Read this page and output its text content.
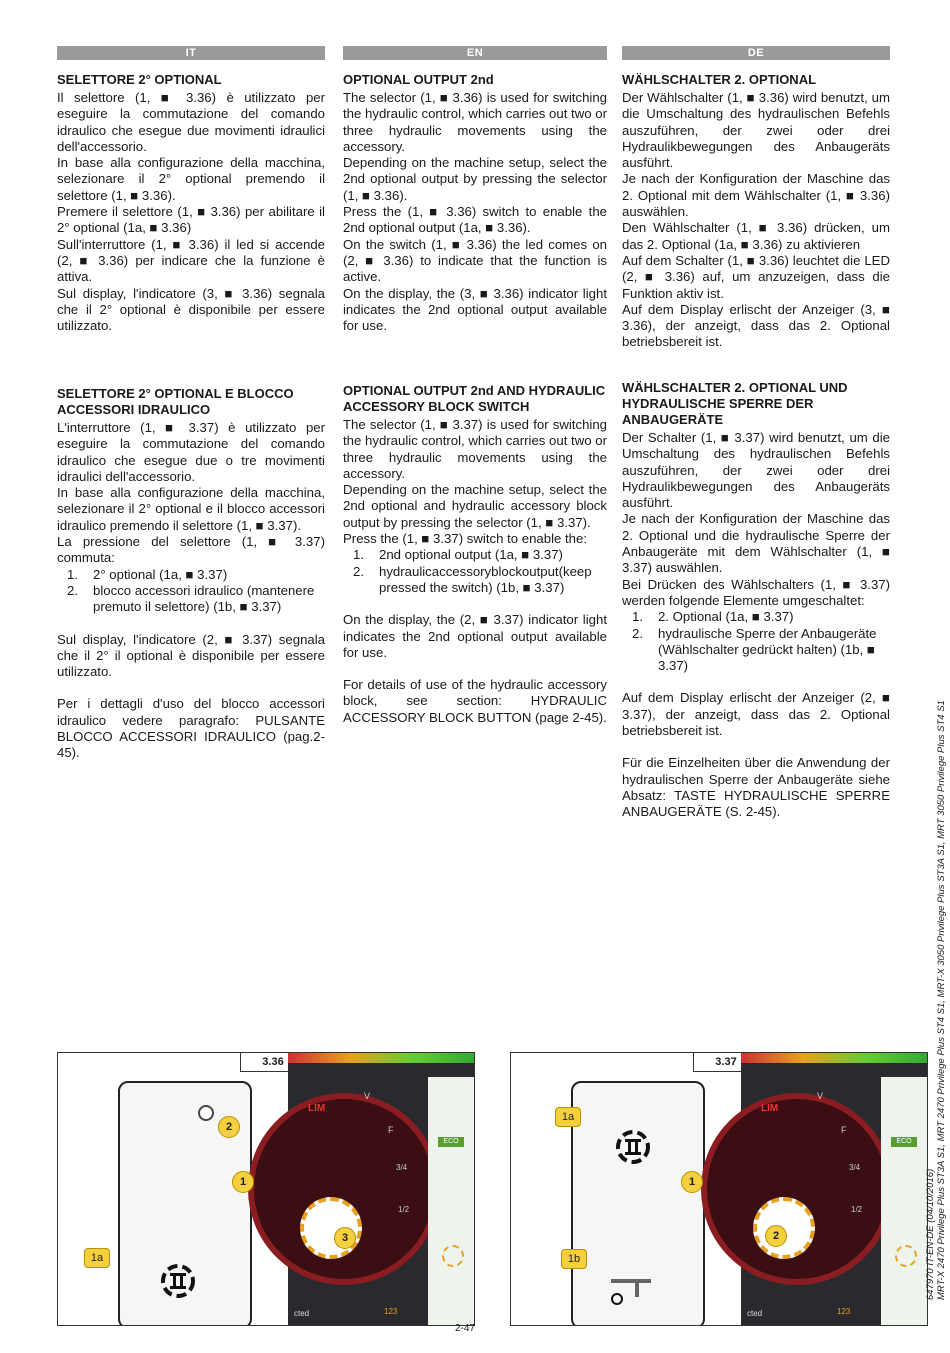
IT
SELETTORE 2° OPTIONAL

Il selettore (1, ■ 3.36) è utilizzato per eseguire la commutazione del comando idraulico che esegue due movimenti idraulici dell'accessorio.

In base alla configurazione della macchina, selezionare il 2° optional premendo il selettore (1, ■ 3.36).

Premere il selettore (1, ■ 3.36) per abilitare il 2° optional (1a, ■ 3.36)

Sull'interruttore (1, ■ 3.36) il led si accende (2, ■ 3.36) per indicare che la funzione è attiva.

Sul display, l'indicatore (3, ■ 3.36) segnala che il 2° optional è disponibile per essere utilizzato.

SELETTORE 2° OPTIONAL E BLOCCO ACCESSORI IDRAULICO

L'interruttore (1, ■ 3.37) è utilizzato per eseguire la commutazione del comando idraulico che esegue due o tre movimenti idraulici dell'accessorio.

In base alla configurazione della macchina, selezionare il 2° optional e il blocco accessori idraulico premendo il selettore (1, ■ 3.37).

La pressione del selettore (1, ■ 3.37) commuta:

1. 2° optional (1a, ■ 3.37)
2. blocco accessori idraulico (mantenere premuto il selettore) (1b, ■ 3.37)

Sul display, l'indicatore (2, ■ 3.37) segnala che il 2° il optional è disponibile per essere utilizzato.

Per i dettagli d'uso del blocco accessori idraulico vedere paragrafo: PULSANTE BLOCCO ACCESSORI IDRAULICO (pag.2-45).

EN
OPTIONAL OUTPUT 2nd

The selector (1, ■ 3.36) is used for switching the hydraulic control, which carries out two or three hydraulic movements using the accessory.

Depending on the machine setup, select the 2nd optional output by pressing the selector (1, ■ 3.36).

Press the (1, ■ 3.36) switch to enable the 2nd optional output (1a, ■ 3.36).

On the switch (1, ■ 3.36) the led comes on (2, ■ 3.36) to indicate that the function is active.

On the display, the (3, ■ 3.36) indicator light indicates the 2nd optional output available for use.

OPTIONAL OUTPUT 2nd AND HYDRAULIC ACCESSORY BLOCK SWITCH

The selector (1, ■ 3.37) is used for switching the hydraulic control, which carries out two or three hydraulic movements using the accessory.

Depending on the machine setup, select the 2nd optional and hydraulic accessory block output by pressing the selector (1, ■ 3.37).

Press the (1, ■ 3.37) switch to enable the:

1. 2nd optional output (1a, ■ 3.37)
2. hydraulicaccessoryblockoutput(keep pressed the switch) (1b, ■ 3.37)

On the display, the (2, ■ 3.37) indicator light indicates the 2nd optional output available for use.

For details of use of the hydraulic accessory block, see section: HYDRAULIC ACCESSORY BLOCK BUTTON (page 2-45).

DE
WÄHLSCHALTER 2. OPTIONAL

Der Wählschalter (1, ■ 3.36) wird benutzt, um die Umschaltung des hydraulischen Befehls auszuführen, der zwei oder drei Hydraulikbewegungen des Anbaugeräts ausführt.

Je nach der Konfiguration der Maschine das 2. Optional mit dem Wählschalter (1, ■ 3.36) auswählen.

Den Wählschalter (1, ■ 3.36) drücken, um das 2. Optional (1a, ■ 3.36) zu aktivieren

Auf dem Schalter (1, ■ 3.36) leuchtet die LED (2, ■ 3.36) auf, um anzuzeigen, dass die Funktion aktiv ist.

Auf dem Display erlischt der Anzeiger (3, ■ 3.36), der anzeigt, dass das 2. Optional betriebsbereit ist.

WÄHLSCHALTER 2. OPTIONAL UND HYDRAULISCHE SPERRE DER ANBAUGERÄTE

Der Schalter (1, ■ 3.37) wird benutzt, um die Umschaltung des hydraulischen Befehls auszuführen, der zwei oder drei Hydraulikbewegungen des Anbaugeräts ausführt.

Je nach der Konfiguration der Maschine das 2. Optional und die hydraulische Sperre der Anbaugeräte mit dem Wählschalter (1, ■ 3.37) auswählen.

Bei Drücken des Wählschalters (1, ■ 3.37) werden folgende Elemente umgeschaltet:

1. 2. Optional (1a, ■ 3.37)
2. hydraulische Sperre der Anbaugeräte (Wählschalter gedrückt halten) (1b, ■ 3.37)

Auf dem Display erlischt der Anzeiger (2, ■ 3.37), der anzeigt, dass das 2. Optional betriebsbereit ist.

Für die Einzelheiten über die Anwendung der hydraulischen Sperre der Anbaugeräte siehe Absatz: TASTE HYDRAULISCHE SPERRE ANBAUGERÄTE (S. 2-45).

3.36
LIM
V
F
3/4
1/2
ECO
cted	123
2
1
1a
3
3.37
LIM
V
F
3/4
1/2
ECO
cted	123
1a
1
1b
2
2-47
647970 IT-EN-DE (04/10/2016) MRT-X 2470 Privilege Plus ST3A S1, MRT 2470 Privilege Plus ST4 S1, MRT-X 3050 Privilege Plus ST3A S1, MRT 3050 Privilege Plus ST4 S1
